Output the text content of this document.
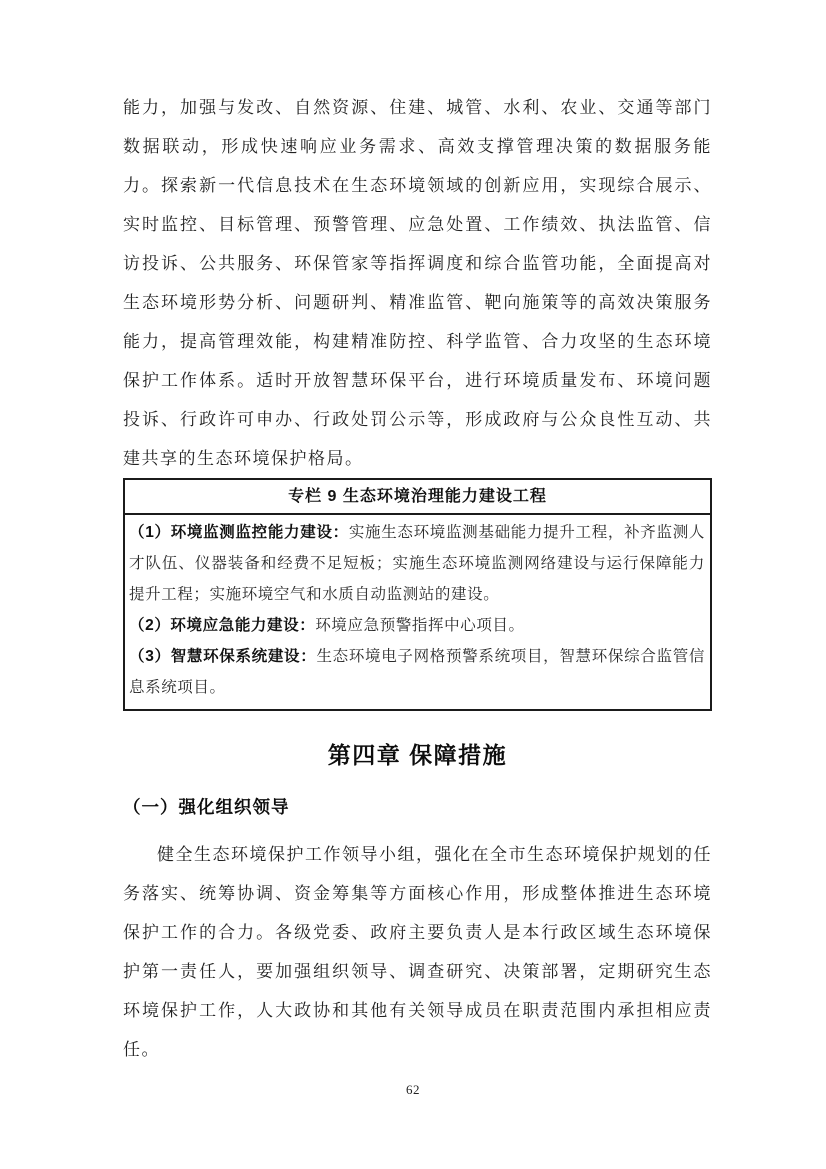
能力，加强与发改、自然资源、住建、城管、水利、农业、交通等部门数据联动，形成快速响应业务需求、高效支撑管理决策的数据服务能力。探索新一代信息技术在生态环境领域的创新应用，实现综合展示、实时监控、目标管理、预警管理、应急处置、工作绩效、执法监管、信访投诉、公共服务、环保管家等指挥调度和综合监管功能，全面提高对生态环境形势分析、问题研判、精准监管、靶向施策等的高效决策服务能力，提高管理效能，构建精准防控、科学监管、合力攻坚的生态环境保护工作体系。适时开放智慧环保平台，进行环境质量发布、环境问题投诉、行政许可申办、行政处罚公示等，形成政府与公众良性互动、共建共享的生态环境保护格局。

专栏 9 生态环境治理能力建设工程

（1）环境监测监控能力建设：实施生态环境监测基础能力提升工程，补齐监测人才队伍、仪器装备和经费不足短板；实施生态环境监测网络建设与运行保障能力提升工程；实施环境空气和水质自动监测站的建设。

（2）环境应急能力建设：环境应急预警指挥中心项目。

（3）智慧环保系统建设：生态环境电子网格预警系统项目，智慧环保综合监管信息系统项目。

第四章 保障措施
（一）强化组织领导

健全生态环境保护工作领导小组，强化在全市生态环境保护规划的任务落实、统筹协调、资金筹集等方面核心作用，形成整体推进生态环境保护工作的合力。各级党委、政府主要负责人是本行政区域生态环境保护第一责任人，要加强组织领导、调查研究、决策部署，定期研究生态环境保护工作，人大政协和其他有关领导成员在职责范围内承担相应责任。

62
